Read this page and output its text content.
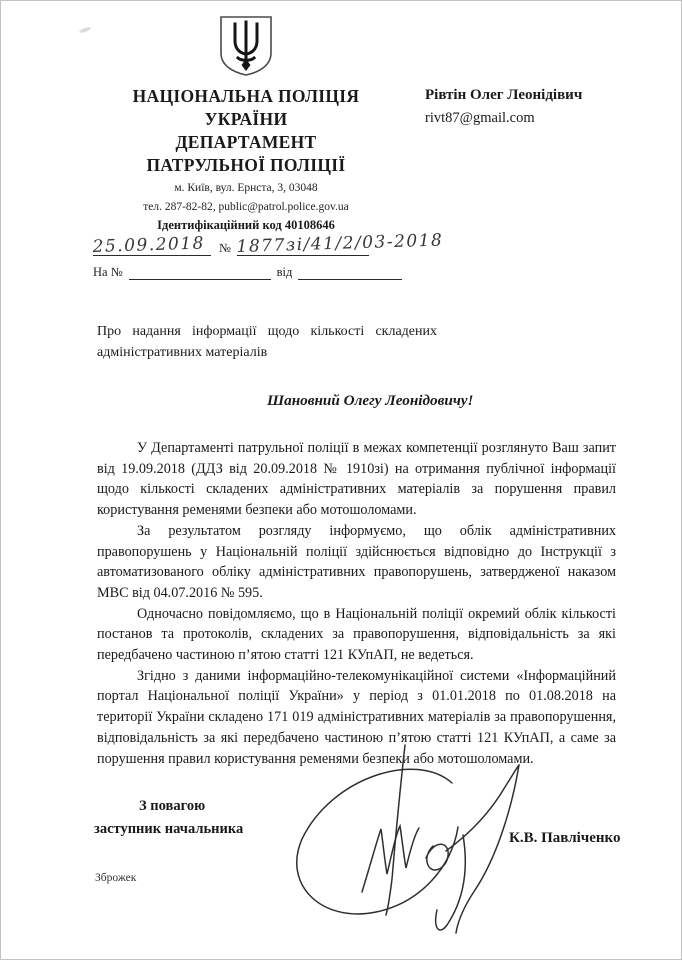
НАЦІОНАЛЬНА ПОЛІЦІЯ
УКРАЇНИ
ДЕПАРТАМЕНТ
ПАТРУЛЬНОЇ ПОЛІЦІЇ
м. Київ, вул. Ернста, 3, 03048
тел. 287-82-82, public@patrol.police.gov.ua
Ідентифікаційний код 40108646
25.09.2018 № 1877зі/41/2/03-2018
На №	від
Рівтін Олег Леонідівич
rivt87@gmail.com
Про надання інформації щодо кількості складених адміністративних матеріалів
Шановний Олегу Леонідовичу!

У Департаменті патрульної поліції в межах компетенції розглянуто Ваш запит від 19.09.2018 (ДДЗ від 20.09.2018 № 1910зі) на отримання публічної інформації щодо кількості складених адміністративних матеріалів за порушення правил користування ременями безпеки або мотошоломами.

За результатом розгляду інформуємо, що облік адміністративних правопорушень у Національній поліції здійснюється відповідно до Інструкції з автоматизованого обліку адміністративних правопорушень, затвердженої наказом МВС від 04.07.2016 № 595.

Одночасно повідомляємо, що в Національній поліції окремий облік кількості постанов та протоколів, складених за правопорушення, відповідальність за які передбачено частиною п’ятою статті 121 КУпАП, не ведеться.

Згідно з даними інформаційно-телекомунікаційної системи «Інформаційний портал Національної поліції України» у період з 01.01.2018 по 01.08.2018 на території України складено 171 019 адміністративних матеріалів за правопорушення, відповідальність за які передбачено частиною п’ятою статті 121 КУпАП, а саме за порушення правил користування ременями безпеки або мотошоломами.

З повагою
заступник начальника
К.В. Павліченко
Зброжек
